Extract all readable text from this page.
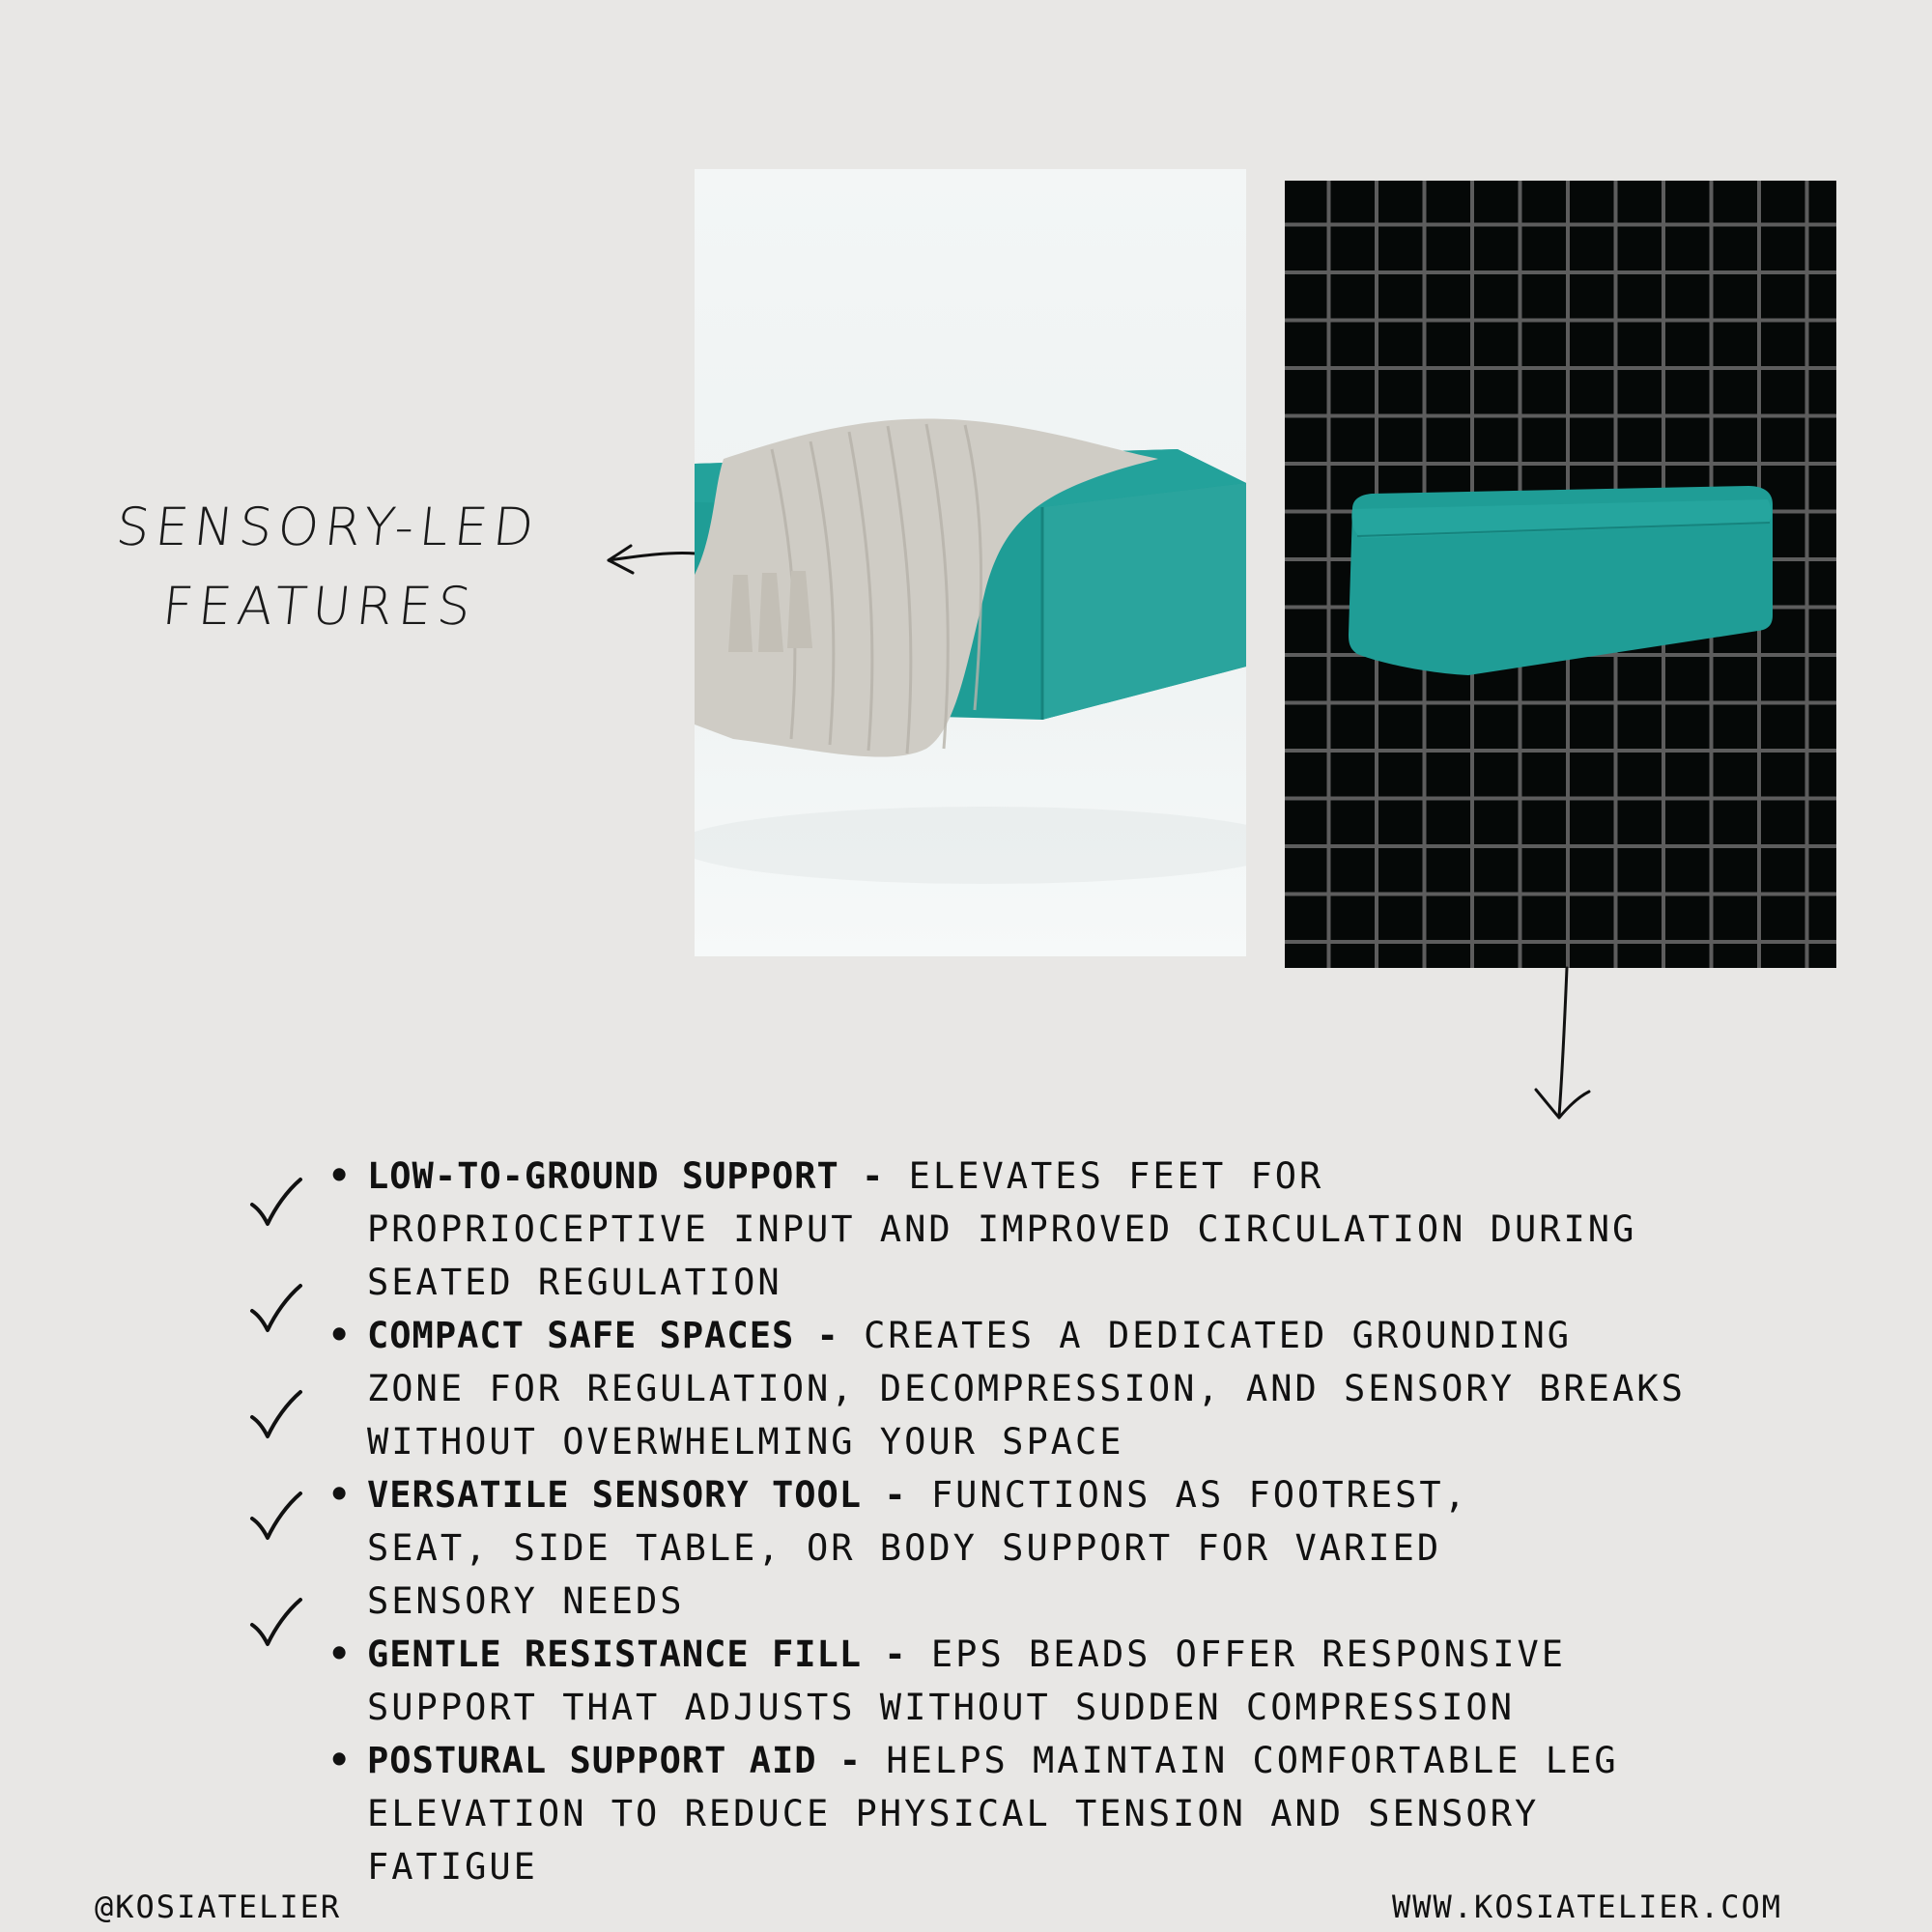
SENSORY-LED
FEATURES
• LOW-TO-GROUND SUPPORT - ELEVATES FEET FOR PROPRIOCEPTIVE INPUT AND IMPROVED CIRCULATION DURING SEATED REGULATION
• COMPACT SAFE SPACES - CREATES A DEDICATED GROUNDING ZONE FOR REGULATION, DECOMPRESSION, AND SENSORY BREAKS WITHOUT OVERWHELMING YOUR SPACE
• VERSATILE SENSORY TOOL - FUNCTIONS AS FOOTREST, SEAT, SIDE TABLE, OR BODY SUPPORT FOR VARIED SENSORY NEEDS
• GENTLE RESISTANCE FILL - EPS BEADS OFFER RESPONSIVE SUPPORT THAT ADJUSTS WITHOUT SUDDEN COMPRESSION
• POSTURAL SUPPORT AID - HELPS MAINTAIN COMFORTABLE LEG ELEVATION TO REDUCE PHYSICAL TENSION AND SENSORY FATIGUE
@KOSIATELIER	WWW.KOSIATELIER.COM
